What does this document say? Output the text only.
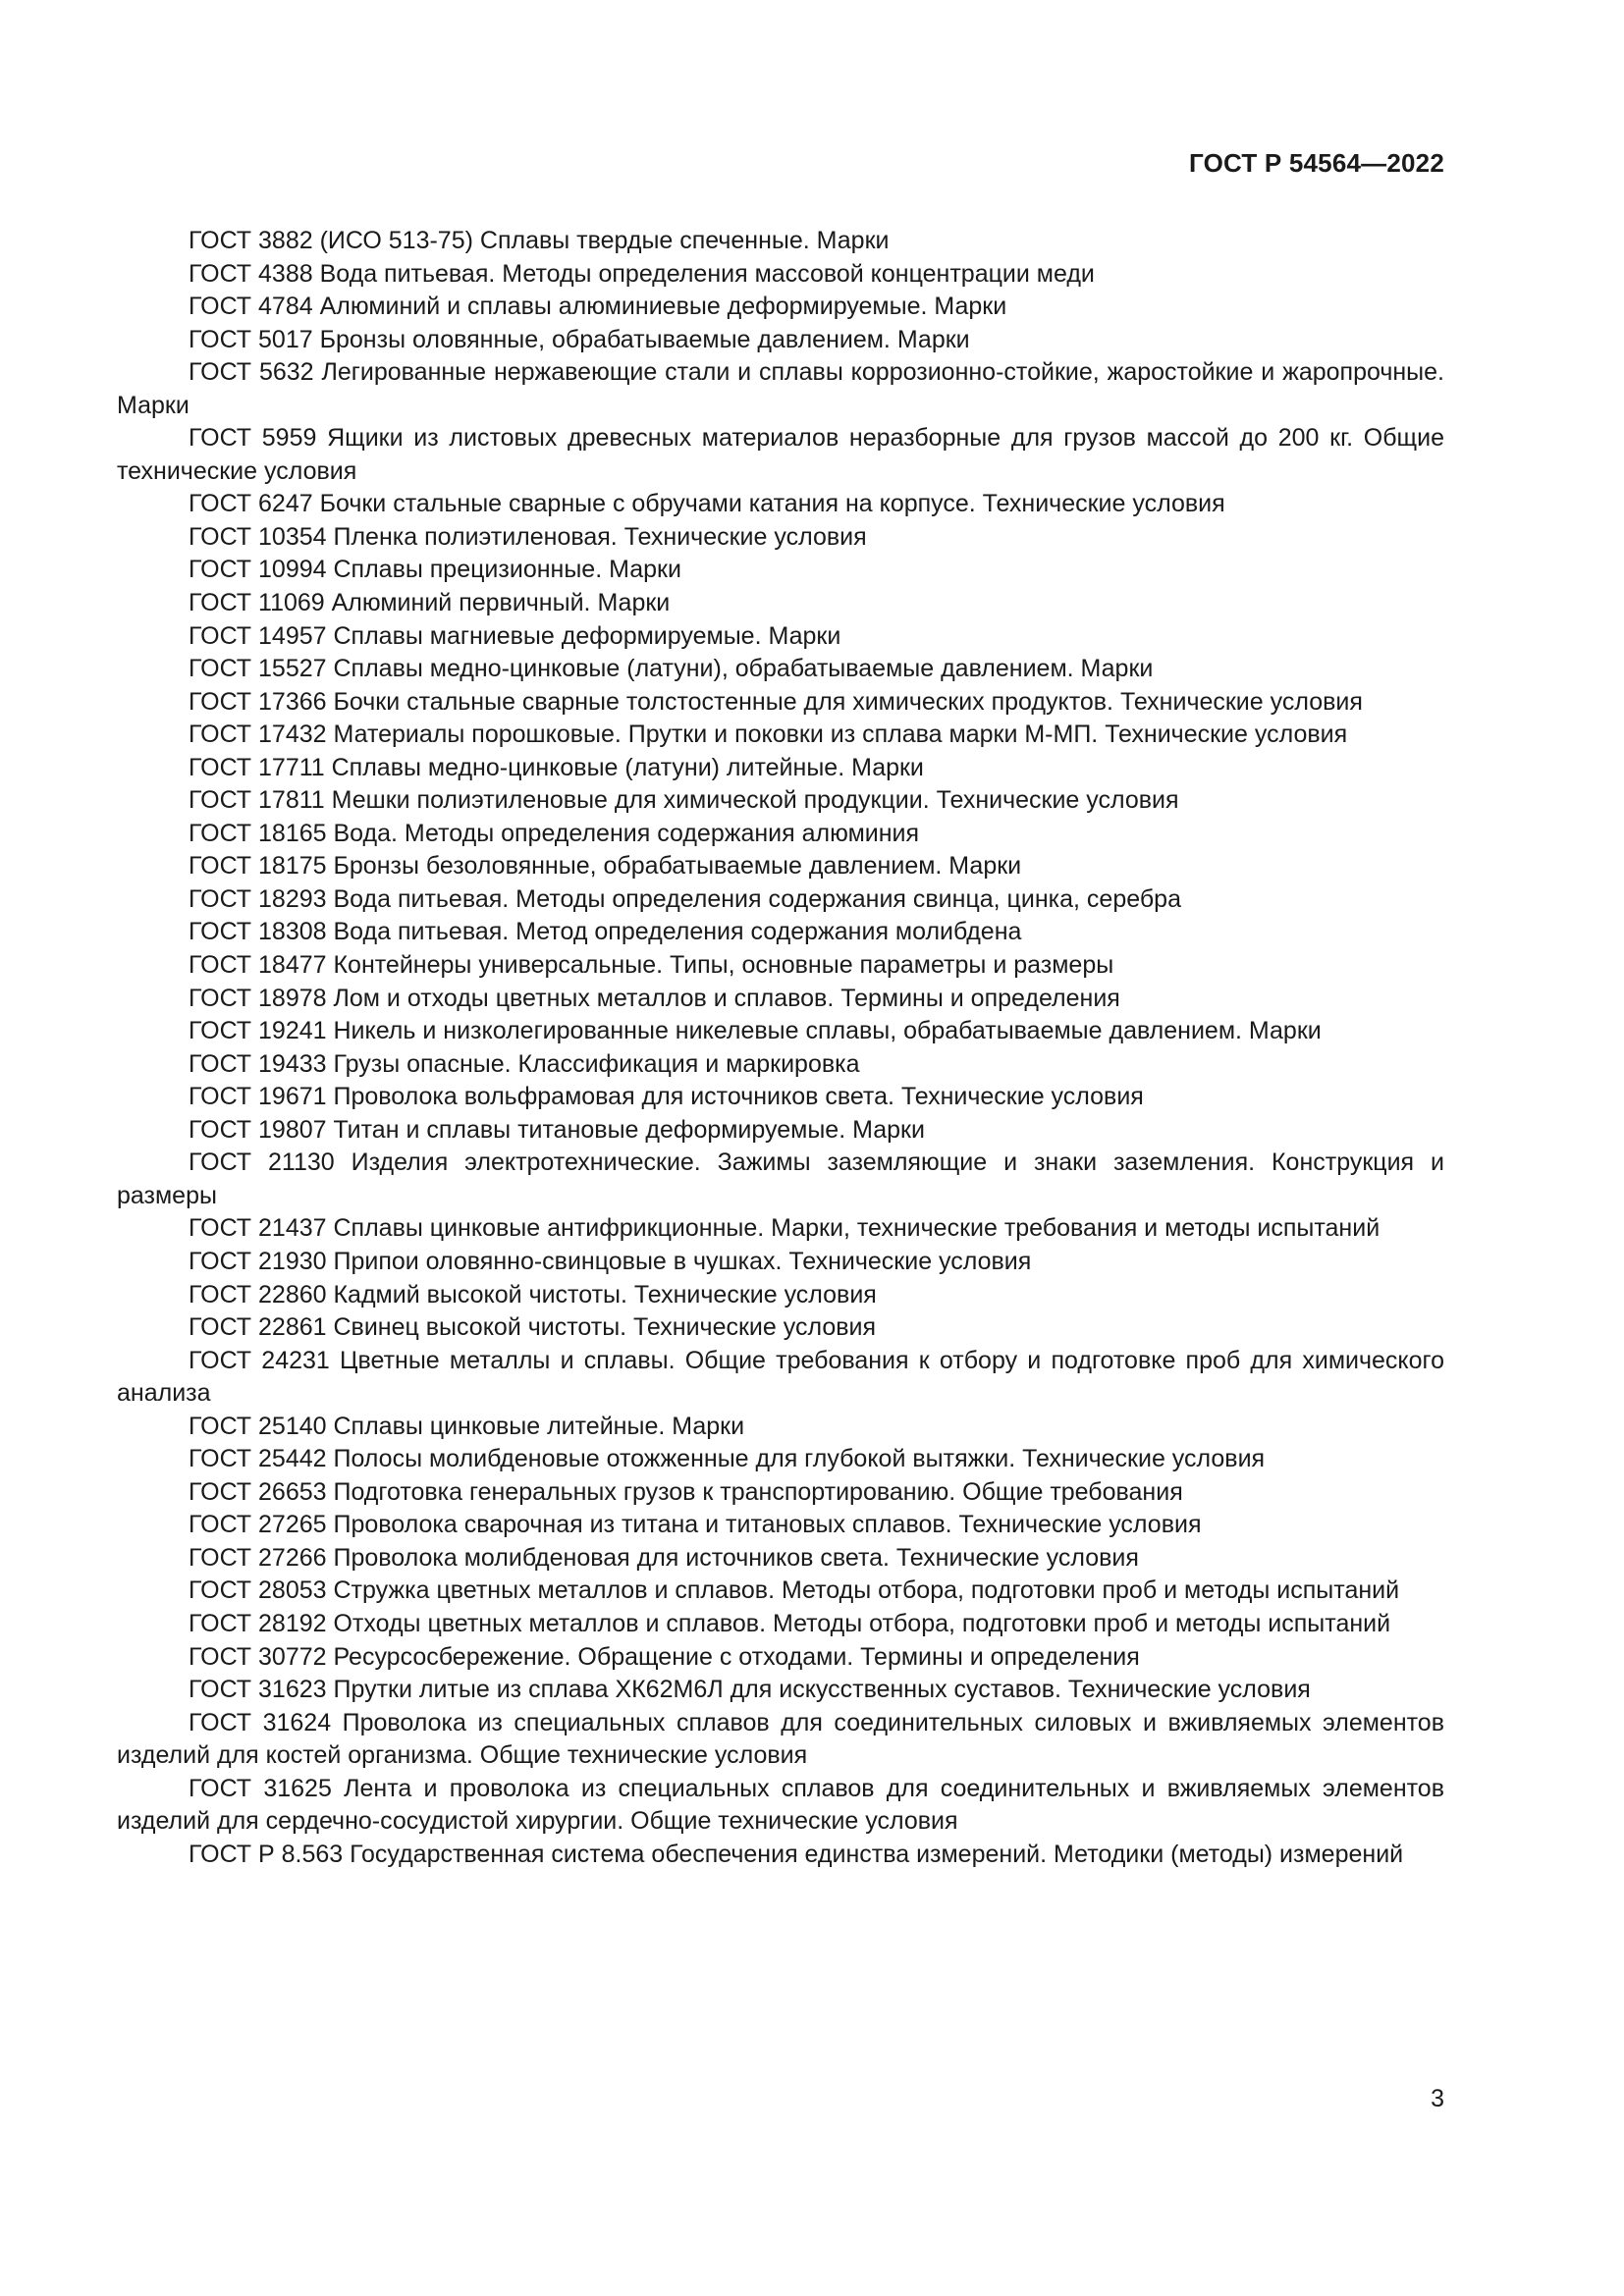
ГОСТ Р 54564—2022

ГОСТ 3882 (ИСО 513-75) Сплавы твердые спеченные. Марки

ГОСТ 4388 Вода питьевая. Методы определения массовой концентрации меди

ГОСТ 4784 Алюминий и сплавы алюминиевые деформируемые. Марки

ГОСТ 5017 Бронзы оловянные, обрабатываемые давлением. Марки

ГОСТ 5632 Легированные нержавеющие стали и сплавы коррозионно-стойкие, жаростойкие и жаропрочные. Марки

ГОСТ 5959 Ящики из листовых древесных материалов неразборные для грузов массой до 200 кг. Общие технические условия

ГОСТ 6247 Бочки стальные сварные с обручами катания на корпусе. Технические условия

ГОСТ 10354 Пленка полиэтиленовая. Технические условия

ГОСТ 10994 Сплавы прецизионные. Марки

ГОСТ 11069 Алюминий первичный. Марки

ГОСТ 14957 Сплавы магниевые деформируемые. Марки

ГОСТ 15527 Сплавы медно-цинковые (латуни), обрабатываемые давлением. Марки

ГОСТ 17366 Бочки стальные сварные толстостенные для химических продуктов. Технические условия

ГОСТ 17432 Материалы порошковые. Прутки и поковки из сплава марки М-МП. Технические условия

ГОСТ 17711 Сплавы медно-цинковые (латуни) литейные. Марки

ГОСТ 17811 Мешки полиэтиленовые для химической продукции. Технические условия

ГОСТ 18165 Вода. Методы определения содержания алюминия

ГОСТ 18175 Бронзы безоловянные, обрабатываемые давлением. Марки

ГОСТ 18293 Вода питьевая. Методы определения содержания свинца, цинка, серебра

ГОСТ 18308 Вода питьевая. Метод определения содержания молибдена

ГОСТ 18477 Контейнеры универсальные. Типы, основные параметры и размеры

ГОСТ 18978 Лом и отходы цветных металлов и сплавов. Термины и определения

ГОСТ 19241 Никель и низколегированные никелевые сплавы, обрабатываемые давлением. Марки

ГОСТ 19433 Грузы опасные. Классификация и маркировка

ГОСТ 19671 Проволока вольфрамовая для источников света. Технические условия

ГОСТ 19807 Титан и сплавы титановые деформируемые. Марки

ГОСТ 21130 Изделия электротехнические. Зажимы заземляющие и знаки заземления. Конструкция и размеры

ГОСТ 21437 Сплавы цинковые антифрикционные. Марки, технические требования и методы испытаний

ГОСТ 21930 Припои оловянно-свинцовые в чушках. Технические условия

ГОСТ 22860 Кадмий высокой чистоты. Технические условия

ГОСТ 22861 Свинец высокой чистоты. Технические условия

ГОСТ 24231 Цветные металлы и сплавы. Общие требования к отбору и подготовке проб для химического анализа

ГОСТ 25140 Сплавы цинковые литейные. Марки

ГОСТ 25442 Полосы молибденовые отожженные для глубокой вытяжки. Технические условия

ГОСТ 26653 Подготовка генеральных грузов к транспортированию. Общие требования

ГОСТ 27265 Проволока сварочная из титана и титановых сплавов. Технические условия

ГОСТ 27266 Проволока молибденовая для источников света. Технические условия

ГОСТ 28053 Стружка цветных металлов и сплавов. Методы отбора, подготовки проб и методы испытаний

ГОСТ 28192 Отходы цветных металлов и сплавов. Методы отбора, подготовки проб и методы испытаний

ГОСТ 30772 Ресурсосбережение. Обращение с отходами. Термины и определения

ГОСТ 31623 Прутки литые из сплава ХК62М6Л для искусственных суставов. Технические условия

ГОСТ 31624 Проволока из специальных сплавов для соединительных силовых и вживляемых элементов изделий для костей организма. Общие технические условия

ГОСТ 31625 Лента и проволока из специальных сплавов для соединительных и вживляемых элементов изделий для сердечно-сосудистой хирургии. Общие технические условия

ГОСТ Р 8.563 Государственная система обеспечения единства измерений. Методики (методы) измерений

3
